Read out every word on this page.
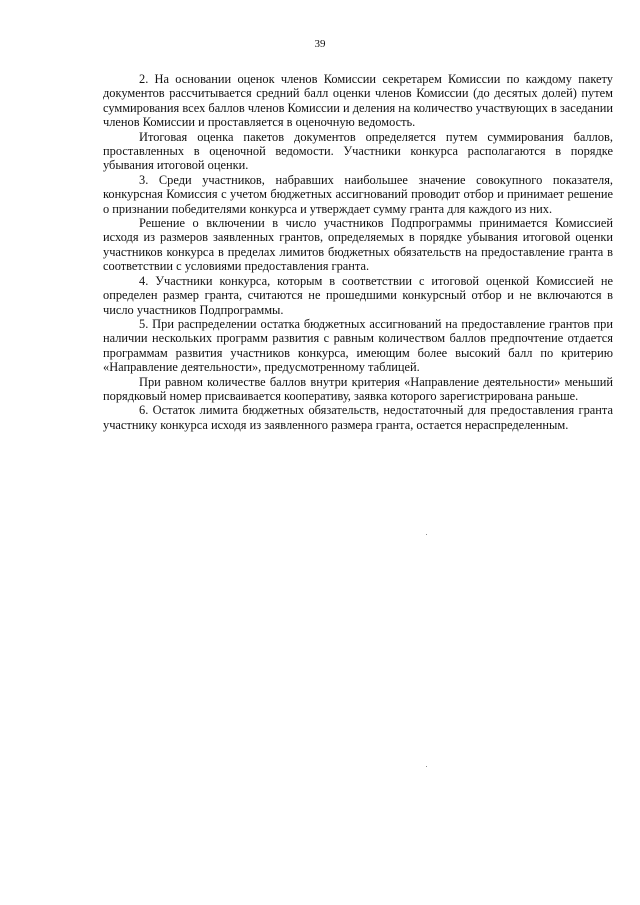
39

2. На основании оценок членов Комиссии секретарем Комиссии по каждому пакету документов рассчитывается средний балл оценки членов Комиссии (до десятых долей) путем суммирования всех баллов членов Комиссии и деления на количество участвующих в заседании членов Комиссии и проставляется в оценочную ведомость.

Итоговая оценка пакетов документов определяется путем суммирования баллов, проставленных в оценочной ведомости. Участники конкурса располагаются в порядке убывания итоговой оценки.

3. Среди участников, набравших наибольшее значение совокупного показателя, конкурсная Комиссия с учетом бюджетных ассигнований проводит отбор и принимает решение о признании победителями конкурса и утверждает сумму гранта для каждого из них.

Решение о включении в число участников Подпрограммы принимается Комиссией исходя из размеров заявленных грантов, определяемых в порядке убывания итоговой оценки участников конкурса в пределах лимитов бюджетных обязательств на предоставление гранта в соответствии с условиями предоставления гранта.

4. Участники конкурса, которым в соответствии с итоговой оценкой Комиссией не определен размер гранта, считаются не прошедшими конкурсный отбор и не включаются в число участников Подпрограммы.

5. При распределении остатка бюджетных ассигнований на предоставление грантов при наличии нескольких программ развития с равным количеством баллов предпочтение отдается программам развития участников конкурса, имеющим более высокий балл по критерию «Направление деятельности», предусмотренному таблицей.

При равном количестве баллов внутри критерия «Направление деятельности» меньший порядковый номер присваивается кооперативу, заявка которого зарегистрирована раньше.

6. Остаток лимита бюджетных обязательств, недостаточный для предоставления гранта участнику конкурса исходя из заявленного размера гранта, остается нераспределенным.
